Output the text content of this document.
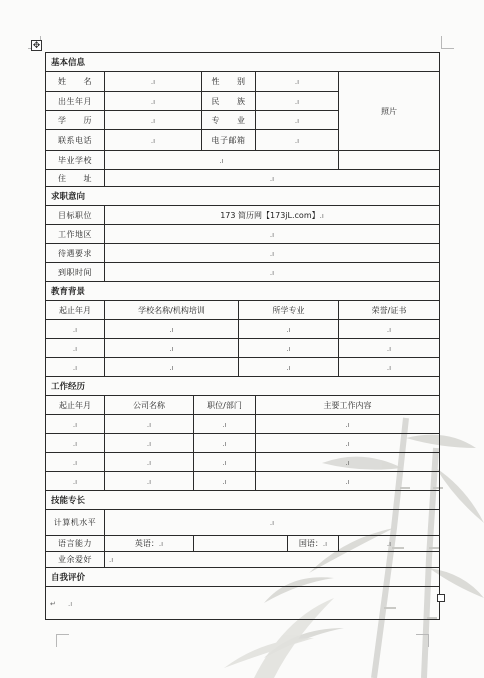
✥
基本信息							
姓　　名	.ı		性　　别		.ı		照片
出生年月	.ı		民　　族		.ı		
学　　历	.ı		专　　业		.ı		
联系电话	.ı		电子邮箱		.ı		
毕业学校	.ı						
住　　址	.ı						
求职意向							
目标职位	173 简历网【173jL.com】.ı						
工作地区	.ı						
待遇要求	.ı						
到职时间	.ı						
教育背景							
起止年月	学校名称/机构培训			所学专业			荣誉/证书
.ı	.ı			.ı			.ı
.ı	.ı			.ı			.ı
.ı	.ı			.ı			.ı
工作经历							
起止年月	公司名称	职位/部门			主要工作内容		
.ı	.ı	.ı			.ı		
.ı	.ı	.ı			.ı		
.ı	.ı	.ı			.ı		
.ı	.ı	.ı			.ı		
技能专长							
计算机水平	.ı						
语言能力	英语：.ı					国语：.ı	.ı
业余爱好	.ı						
自我评价							
↵							.ı
